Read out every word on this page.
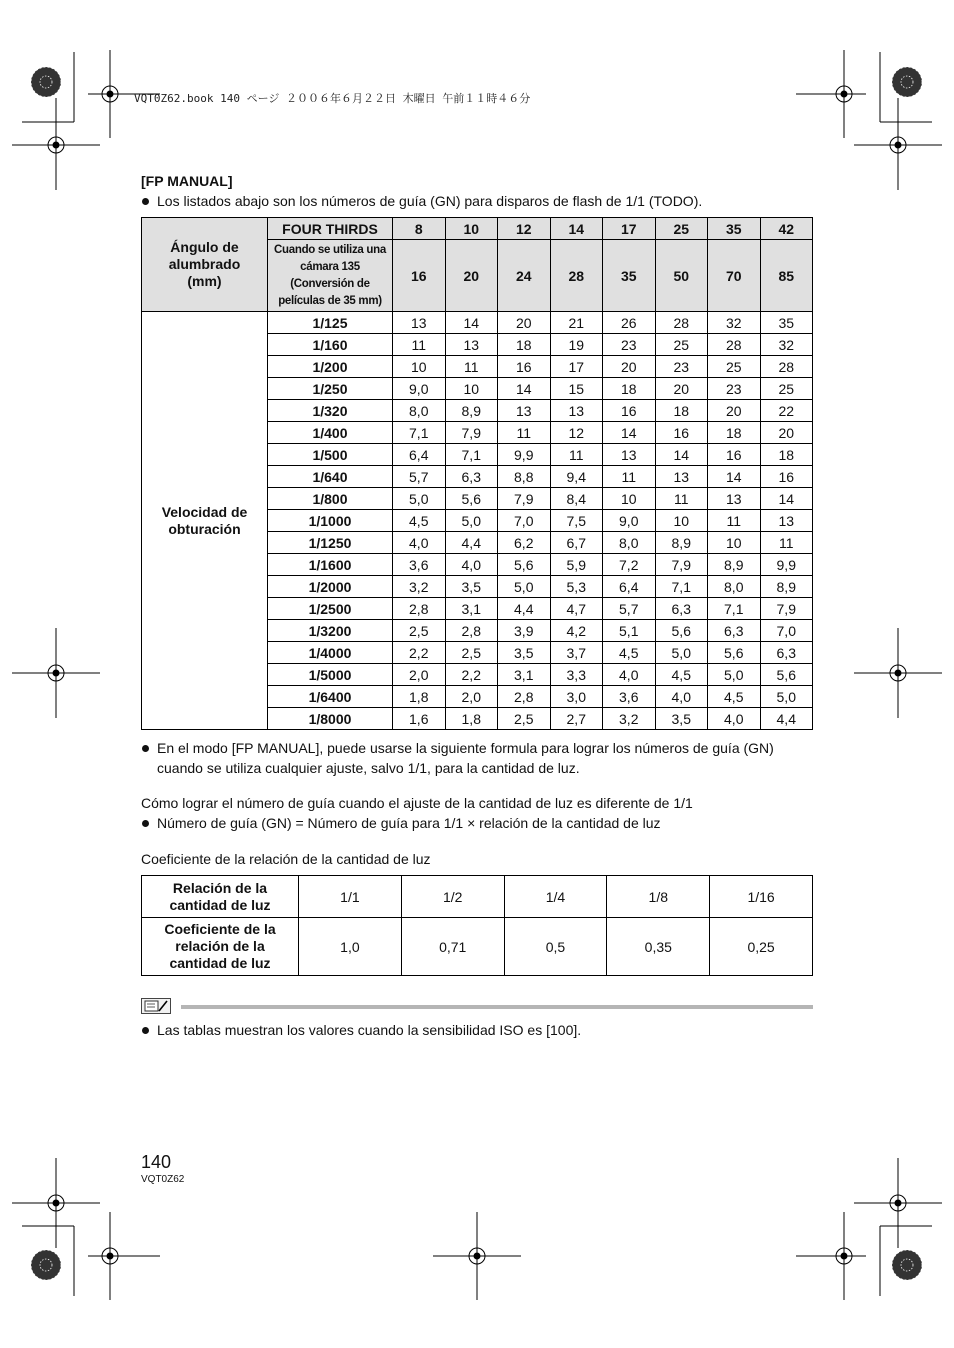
VQT0Z62.book 140 ページ ２００６年６月２２日 木曜日 午前１１時４６分
[FP MANUAL]
Los listados abajo son los números de guía (GN) para disparos de flash de 1/1 (TODO).
Ángulo de alumbrado (mm)	FOUR THIRDS	8	10	12	14	17	25	35	42

	Cuando se utiliza una cámara 135 (Conversión de películas de 35 mm)	16	20	24	28	35	50	70	85

Velocidad de obturación	1/125	13	14	20	21	26	28	32	35
	1/160	11	13	18	19	23	25	28	32
	1/200	10	11	16	17	20	23	25	28
	1/250	9,0	10	14	15	18	20	23	25
	1/320	8,0	8,9	13	13	16	18	20	22
	1/400	7,1	7,9	11	12	14	16	18	20
	1/500	6,4	7,1	9,9	11	13	14	16	18
	1/640	5,7	6,3	8,8	9,4	11	13	14	16
	1/800	5,0	5,6	7,9	8,4	10	11	13	14
	1/1000	4,5	5,0	7,0	7,5	9,0	10	11	13
	1/1250	4,0	4,4	6,2	6,7	8,0	8,9	10	11
	1/1600	3,6	4,0	5,6	5,9	7,2	7,9	8,9	9,9
	1/2000	3,2	3,5	5,0	5,3	6,4	7,1	8,0	8,9
	1/2500	2,8	3,1	4,4	4,7	5,7	6,3	7,1	7,9
	1/3200	2,5	2,8	3,9	4,2	5,1	5,6	6,3	7,0
	1/4000	2,2	2,5	3,5	3,7	4,5	5,0	5,6	6,3
	1/5000	2,0	2,2	3,1	3,3	4,0	4,5	5,0	5,6
	1/6400	1,8	2,0	2,8	3,0	3,6	4,0	4,5	5,0
	1/8000	1,6	1,8	2,5	2,7	3,2	3,5	4,0	4,4
En el modo [FP MANUAL], puede usarse la siguiente formula para lograr los números de guía (GN) cuando se utiliza cualquier ajuste, salvo 1/1, para la cantidad de luz.
Cómo lograr el número de guía cuando el ajuste de la cantidad de luz es diferente de 1/1
Número de guía (GN) = Número de guía para 1/1 × relación de la cantidad de luz
Coeficiente de la relación de la cantidad de luz
Relación de la cantidad de luz	1/1	1/2	1/4	1/8	1/16

Coeficiente de la relación de la cantidad de luz	1,0	0,71	0,5	0,35	0,25
Las tablas muestran los valores cuando la sensibilidad ISO es [100].
140
VQT0Z62
